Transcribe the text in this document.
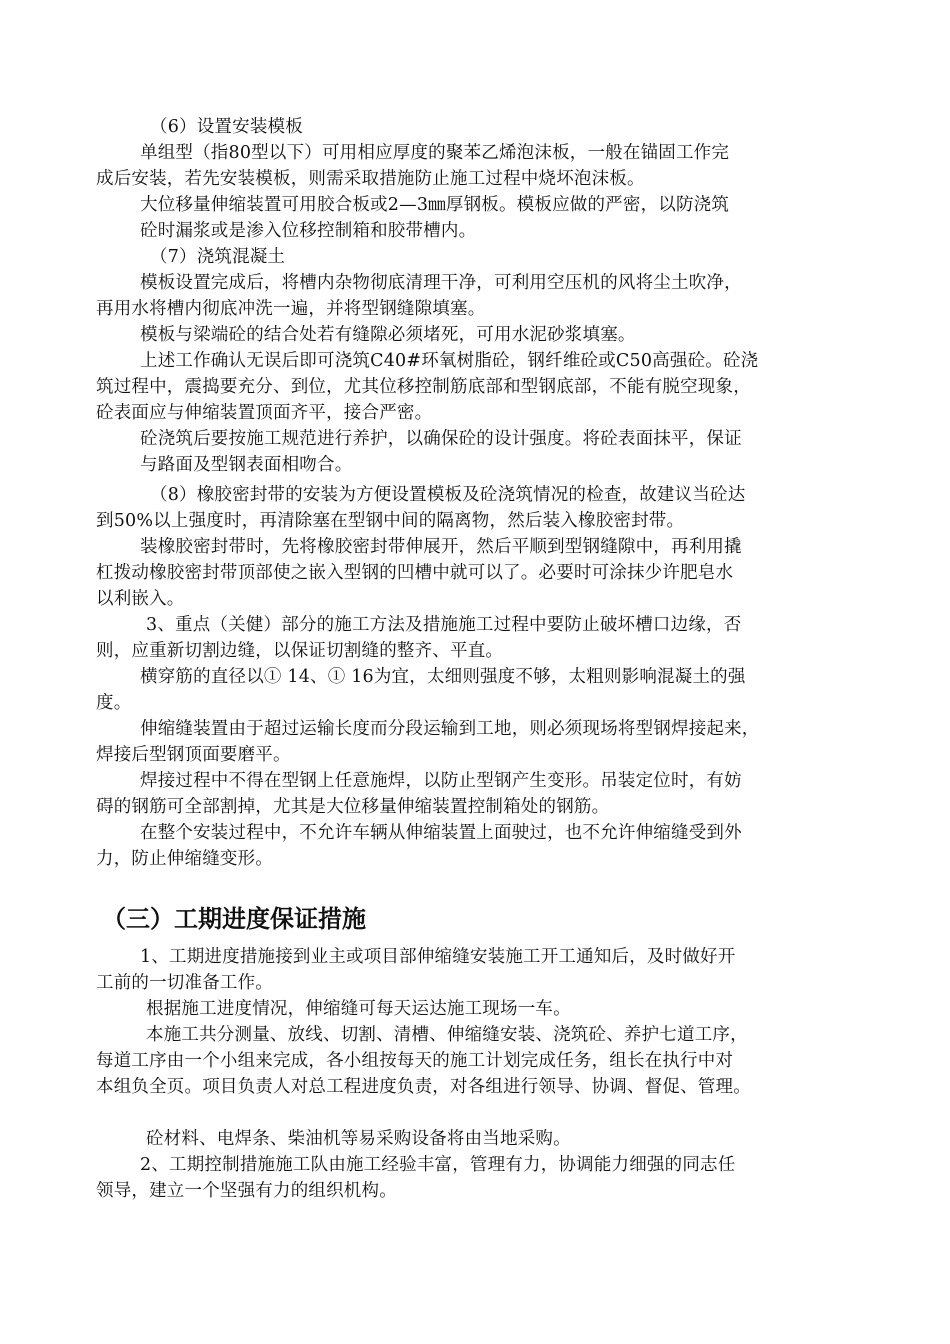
（6）设置安装模板
单组型（指80型以下）可用相应厚度的聚苯乙烯泡沫板，一般在锚固工作完
成后安装，若先安装模板，则需采取措施防止施工过程中烧坏泡沫板。
大位移量伸缩装置可用胶合板或2—3㎜厚钢板。模板应做的严密，以防浇筑
砼时漏浆或是渗入位移控制箱和胶带槽内。
（7）浇筑混凝土
模板设置完成后，将槽内杂物彻底清理干净，可利用空压机的风将尘土吹净，
再用水将槽内彻底冲洗一遍，并将型钢缝隙填塞。
模板与梁端砼的结合处若有缝隙必须堵死，可用水泥砂浆填塞。
上述工作确认无误后即可浇筑C40#环氧树脂砼，钢纤维砼或C50高强砼。砼浇
筑过程中，震捣要充分、到位，尤其位移控制筋底部和型钢底部，不能有脱空现象，
砼表面应与伸缩装置顶面齐平，接合严密。
砼浇筑后要按施工规范进行养护，以确保砼的设计强度。将砼表面抹平，保证
与路面及型钢表面相吻合。
（8）橡胶密封带的安装为方便设置模板及砼浇筑情况的检查，故建议当砼达
到50%以上强度时，再清除塞在型钢中间的隔离物，然后装入橡胶密封带。
装橡胶密封带时，先将橡胶密封带伸展开，然后平顺到型钢缝隙中，再利用撬
杠拨动橡胶密封带顶部使之嵌入型钢的凹槽中就可以了。必要时可涂抹少许肥皂水
以利嵌入。
3、重点（关健）部分的施工方法及措施施工过程中要防止破坏槽口边缘，否
则，应重新切割边缝，以保证切割缝的整齐、平直。
横穿筋的直径以① 14、① 16为宜，太细则强度不够，太粗则影响混凝土的强
度。
伸缩缝装置由于超过运输长度而分段运输到工地，则必须现场将型钢焊接起来，
焊接后型钢顶面要磨平。
焊接过程中不得在型钢上任意施焊，以防止型钢产生变形。吊装定位时，有妨
碍的钢筋可全部割掉，尤其是大位移量伸缩装置控制箱处的钢筋。
在整个安装过程中，不允许车辆从伸缩装置上面驶过，也不允许伸缩缝受到外
力，防止伸缩缝变形。
（三）工期进度保证措施
1、工期进度措施接到业主或项目部伸缩缝安装施工开工通知后，及时做好开
工前的一切准备工作。
根据施工进度情况，伸缩缝可每天运达施工现场一车。
本施工共分测量、放线、切割、清槽、伸缩缝安装、浇筑砼、养护七道工序，
每道工序由一个小组来完成，各小组按每天的施工计划完成任务，组长在执行中对
本组负全页。项目负责人对总工程进度负责，对各组进行领导、协调、督促、管理。
砼材料、电焊条、柴油机等易采购设备将由当地采购。
2、工期控制措施施工队由施工经验丰富，管理有力，协调能力细强的同志任
领导，建立一个坚强有力的组织机构。
